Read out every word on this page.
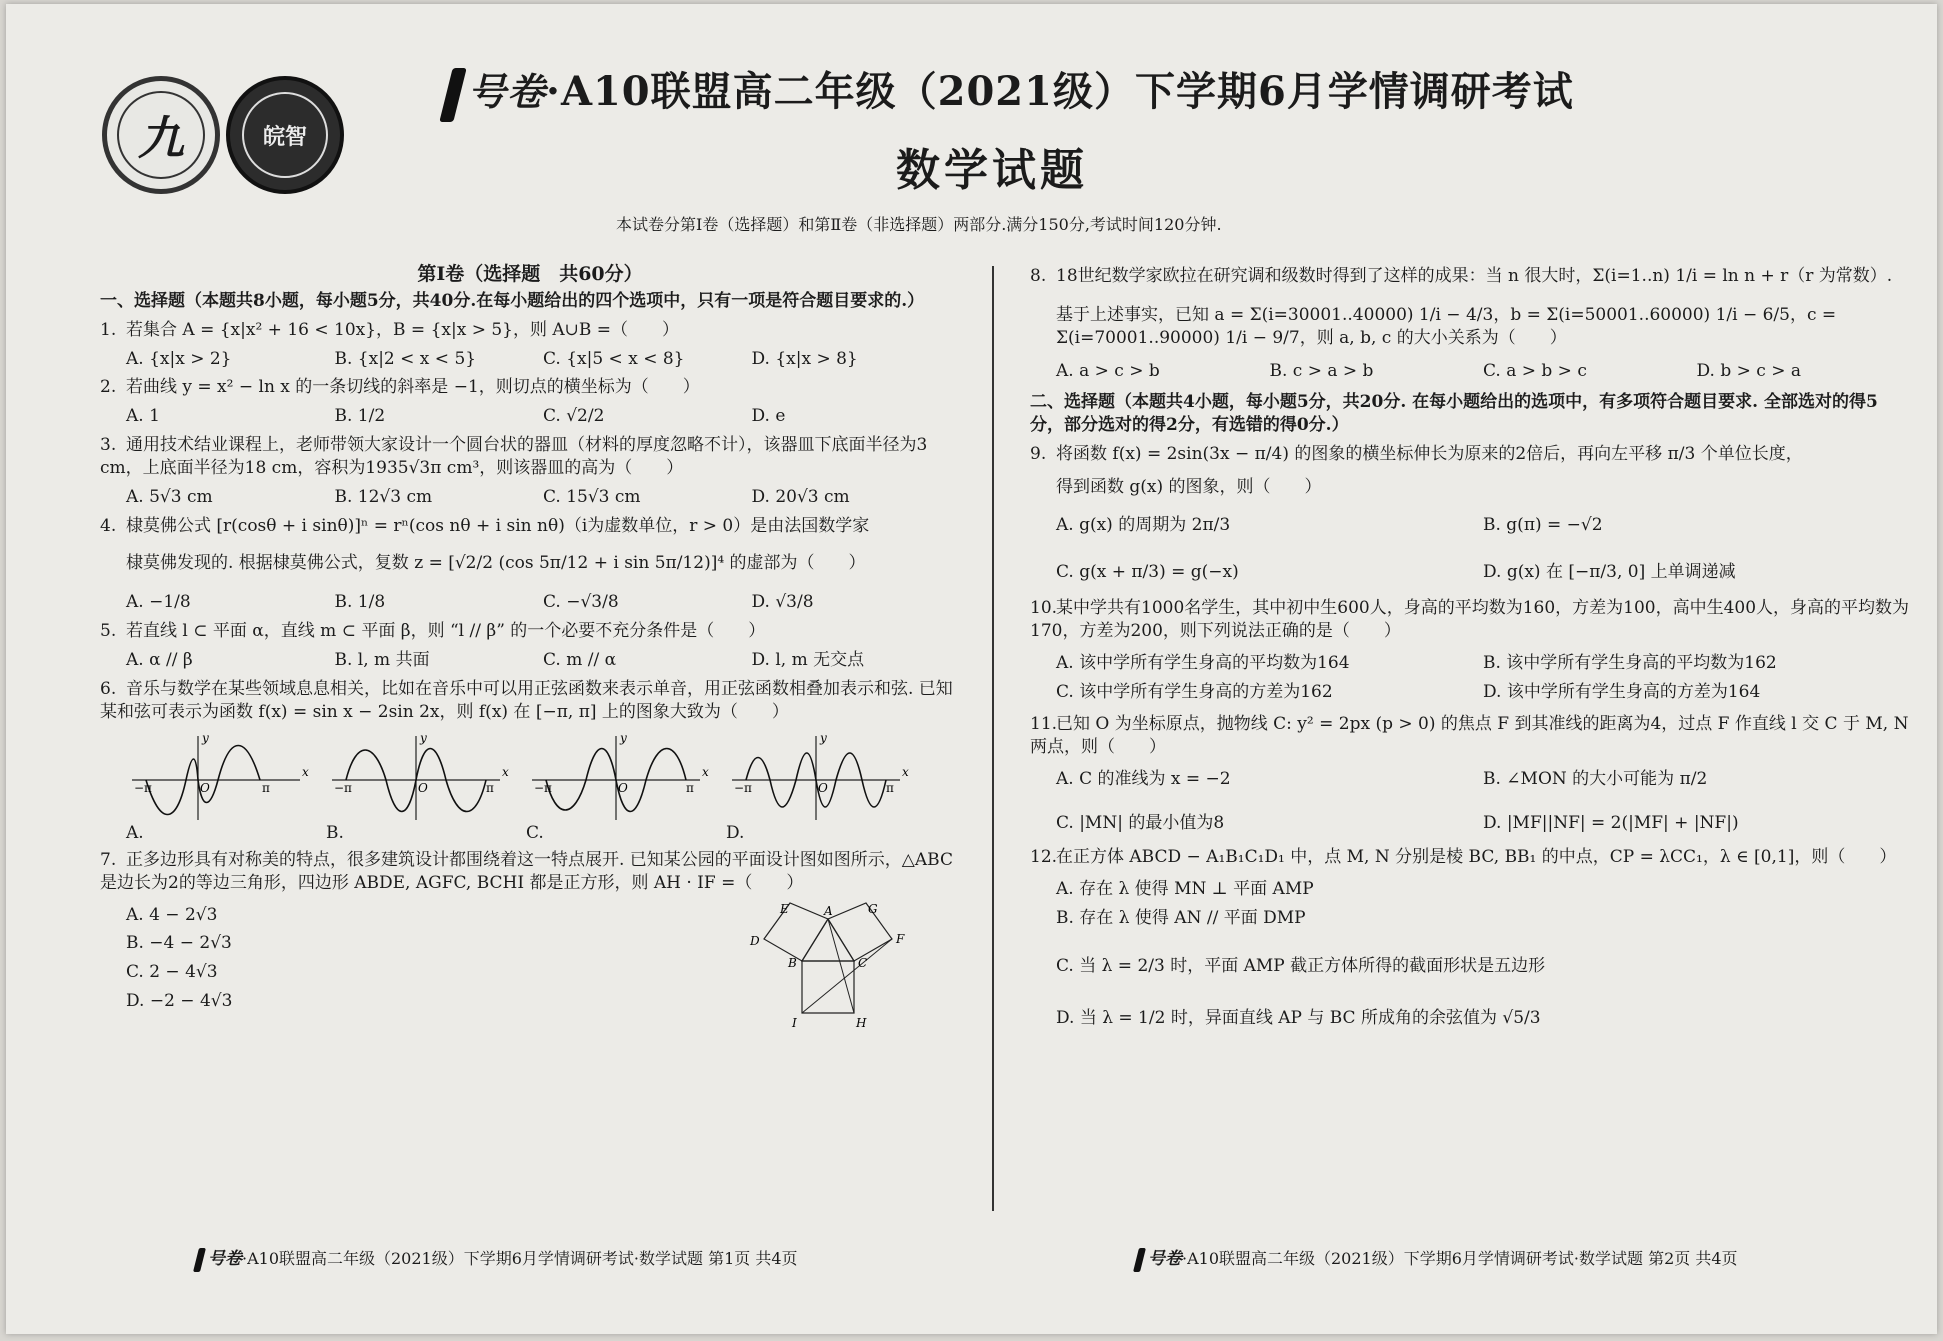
九	皖智
号卷·A10联盟高二年级（2021级）下学期6月学情调研考试
数学试题
本试卷分第Ⅰ卷（选择题）和第Ⅱ卷（非选择题）两部分.满分150分,考试时间120分钟.
第Ⅰ卷（选择题　共60分）
一、选择题（本题共8小题，每小题5分，共40分.在每小题给出的四个选项中，只有一项是符合题目要求的.）
1. 若集合 A = {x|x² + 16 < 10x}，B = {x|x > 5}，则 A∪B =（　　）
A. {x|x > 2}	B. {x|2 < x < 5}	C. {x|5 < x < 8}	D. {x|x > 8}
2. 若曲线 y = x² − ln x 的一条切线的斜率是 −1，则切点的横坐标为（　　）
A. 1	B. 1/2	C. √2/2	D. e
3. 通用技术结业课程上，老师带领大家设计一个圆台状的器皿（材料的厚度忽略不计），该器皿下底面半径为3 cm，上底面半径为18 cm，容积为1935√3π cm³，则该器皿的高为（　　）
A. 5√3 cm	B. 12√3 cm	C. 15√3 cm	D. 20√3 cm
4. 棣莫佛公式 [r(cosθ + i sinθ)]ⁿ = rⁿ(cos nθ + i sin nθ)（i为虚数单位，r > 0）是由法国数学家
棣莫佛发现的. 根据棣莫佛公式，复数 z = [√2/2 (cos 5π/12 + i sin 5π/12)]⁴ 的虚部为（　　）
A. −1/8	B. 1/8	C. −√3/8	D. √3/8
5. 若直线 l ⊂ 平面 α，直线 m ⊂ 平面 β，则 “l // β” 的一个必要不充分条件是（　　）
A. α // β	B. l, m 共面	C. m // α	D. l, m 无交点
6. 音乐与数学在某些领域息息相关，比如在音乐中可以用正弦函数来表示单音，用正弦函数相叠加表示和弦. 已知某和弦可表示为函数 f(x) = sin x − 2sin 2x，则 f(x) 在 [−π, π] 上的图象大致为（　　）
x
y
−π	π
O
A.
x
y
−π	π
O
B.
x
y
−π	π
O
C.
x
y
−π	π
O
D.
7. 正多边形具有对称美的特点，很多建筑设计都围绕着这一特点展开. 已知某公园的平面设计图如图所示，△ABC 是边长为2的等边三角形，四边形 ABDE, AGFC, BCHI 都是正方形，则 AH · IF =（　　）
A. 4 − 2√3
B. −4 − 2√3
C. 2 − 4√3
D. −2 − 4√3
E	A	G
D	F
B	C
I	H
8. 18世纪数学家欧拉在研究调和级数时得到了这样的成果：当 n 很大时，Σ(i=1..n) 1/i = ln n + r（r 为常数）.
基于上述事实，已知 a = Σ(i=30001..40000) 1/i − 4/3，b = Σ(i=50001..60000) 1/i − 6/5，c = Σ(i=70001..90000) 1/i − 9/7，则 a, b, c 的大小关系为（　　）
A. a > c > b	B. c > a > b	C. a > b > c	D. b > c > a
二、选择题（本题共4小题，每小题5分，共20分. 在每小题给出的选项中，有多项符合题目要求. 全部选对的得5分，部分选对的得2分，有选错的得0分.）
9. 将函数 f(x) = 2sin(3x − π/4) 的图象的横坐标伸长为原来的2倍后，再向左平移 π/3 个单位长度，
得到函数 g(x) 的图象，则（　　）
A. g(x) 的周期为 2π/3	B. g(π) = −√2
C. g(x + π/3) = g(−x)	D. g(x) 在 [−π/3, 0] 上单调递减
10.某中学共有1000名学生，其中初中生600人，身高的平均数为160，方差为100，高中生400人，身高的平均数为170，方差为200，则下列说法正确的是（　　）
A. 该中学所有学生身高的平均数为164	B. 该中学所有学生身高的平均数为162
C. 该中学所有学生身高的方差为162	D. 该中学所有学生身高的方差为164
11.已知 O 为坐标原点，抛物线 C: y² = 2px (p > 0) 的焦点 F 到其准线的距离为4，过点 F 作直线 l 交 C 于 M, N 两点，则（　　）
A. C 的准线为 x = −2	B. ∠MON 的大小可能为 π/2
C. |MN| 的最小值为8	D. |MF||NF| = 2(|MF| + |NF|)
12.在正方体 ABCD − A₁B₁C₁D₁ 中，点 M, N 分别是棱 BC, BB₁ 的中点，CP = λCC₁，λ ∈ [0,1]，则（　　）
A. 存在 λ 使得 MN ⊥ 平面 AMP
B. 存在 λ 使得 AN // 平面 DMP
C. 当 λ = 2/3 时，平面 AMP 截正方体所得的截面形状是五边形
D. 当 λ = 1/2 时，异面直线 AP 与 BC 所成角的余弦值为 √5/3
号卷·A10联盟高二年级（2021级）下学期6月学情调研考试·数学试题 第1页 共4页	号卷·A10联盟高二年级（2021级）下学期6月学情调研考试·数学试题 第2页 共4页
